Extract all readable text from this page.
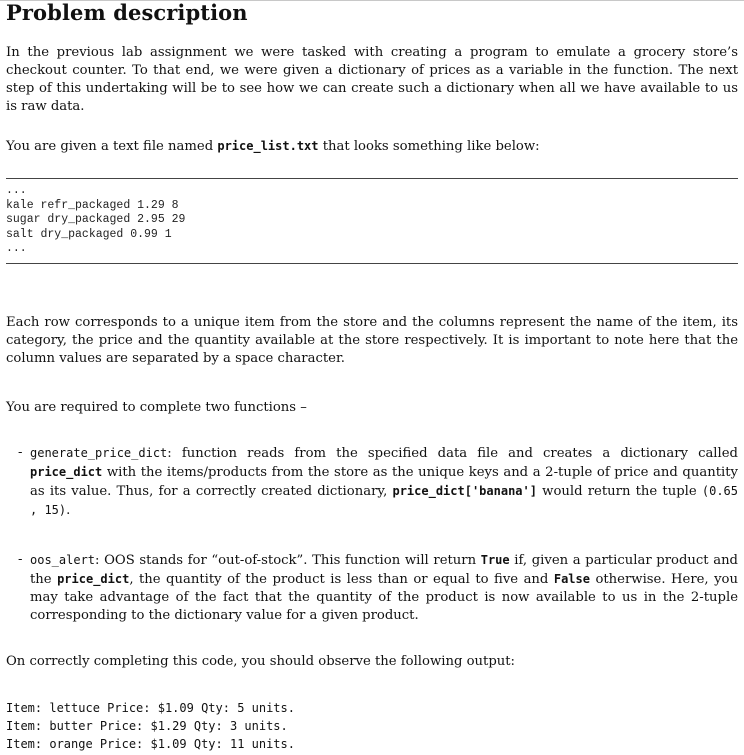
Problem description

In the previous lab assignment we were tasked with creating a program to emulate a grocery store’s checkout counter. To that end, we were given a dictionary of prices as a variable in the function. The next step of this undertaking will be to see how we can create such a dictionary when all we have available to us is raw data.

You are given a text file named price_list.txt that looks something like below:

...
kale refr_packaged 1.29 8
sugar dry_packaged 2.95 29
salt dry_packaged 0.99 1
...

Each row corresponds to a unique item from the store and the columns represent the name of the item, its category, the price and the quantity available at the store respectively. It is important to note here that the column values are separated by a space character.

You are required to complete two functions –

- generate_price_dict: function reads from the specified data file and creates a dictionary called price_dict with the items/products from the store as the unique keys and a 2-tuple of price and quantity as its value. Thus, for a correctly created dictionary, price_dict['banana'] would return the tuple (0.65 , 15).

- oos_alert: OOS stands for “out-of-stock”. This function will return True if, given a particular product and the price_dict, the quantity of the product is less than or equal to five and False otherwise. Here, you may take advantage of the fact that the quantity of the product is now available to us in the 2-tuple corresponding to the dictionary value for a given product.

On correctly completing this code, you should observe the following output:

Item: lettuce Price: $1.09 Qty: 5 units.
Item: butter Price: $1.29 Qty: 3 units.
Item: orange Price: $1.09 Qty: 11 units.
